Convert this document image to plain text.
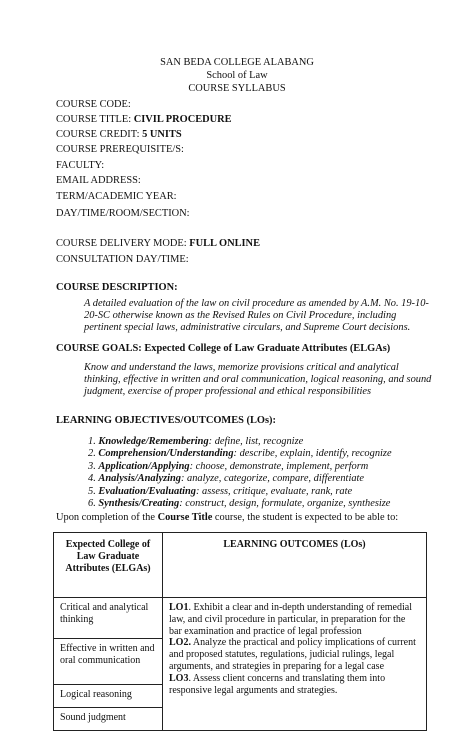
SAN BEDA COLLEGE ALABANG
School of Law
COURSE SYLLABUS
COURSE CODE:
COURSE TITLE: CIVIL PROCEDURE
COURSE CREDIT: 5 UNITS
COURSE PREREQUISITE/S:
FACULTY:
EMAIL ADDRESS:
TERM/ACADEMIC YEAR:
DAY/TIME/ROOM/SECTION:
COURSE DELIVERY MODE: FULL ONLINE
CONSULTATION DAY/TIME:
COURSE DESCRIPTION:
A detailed evaluation of the law on civil procedure as amended by A.M. No. 19-10-
20-SC otherwise known as the Revised Rules on Civil Procedure, including
pertinent special laws, administrative circulars, and Supreme Court decisions.
COURSE GOALS: Expected College of Law Graduate Attributes (ELGAs)
Know and understand the laws, memorize provisions critical and analytical
thinking, effective in written and oral communication, logical reasoning, and sound
judgment, exercise of proper professional and ethical responsibilities
LEARNING OBJECTIVES/OUTCOMES (LOs):
1. Knowledge/Remembering: define, list, recognize
2. Comprehension/Understanding: describe, explain, identify, recognize
3. Application/Applying: choose, demonstrate, implement, perform
4. Analysis/Analyzing: analyze, categorize, compare, differentiate
5. Evaluation/Evaluating: assess, critique, evaluate, rank, rate
6. Synthesis/Creating: construct, design, formulate, organize, synthesize
Upon completion of the Course Title course, the student is expected to be able to:
Expected College of Law Graduate Attributes (ELGAs)	LEARNING OUTCOMES (LOs)
Critical and analytical thinking	LO1. Exhibit a clear and in-depth understanding of remedial law, and civil procedure in particular, in preparation for the bar examination and practice of legal profession

LO2. Analyze the practical and policy implications of current and proposed statutes, regulations, judicial rulings, legal arguments, and strategies in preparing for a legal case

LO3. Assess client concerns and translating them into responsive legal arguments and strategies.

Effective in written and oral communication	
Logical reasoning	
Sound judgment	
